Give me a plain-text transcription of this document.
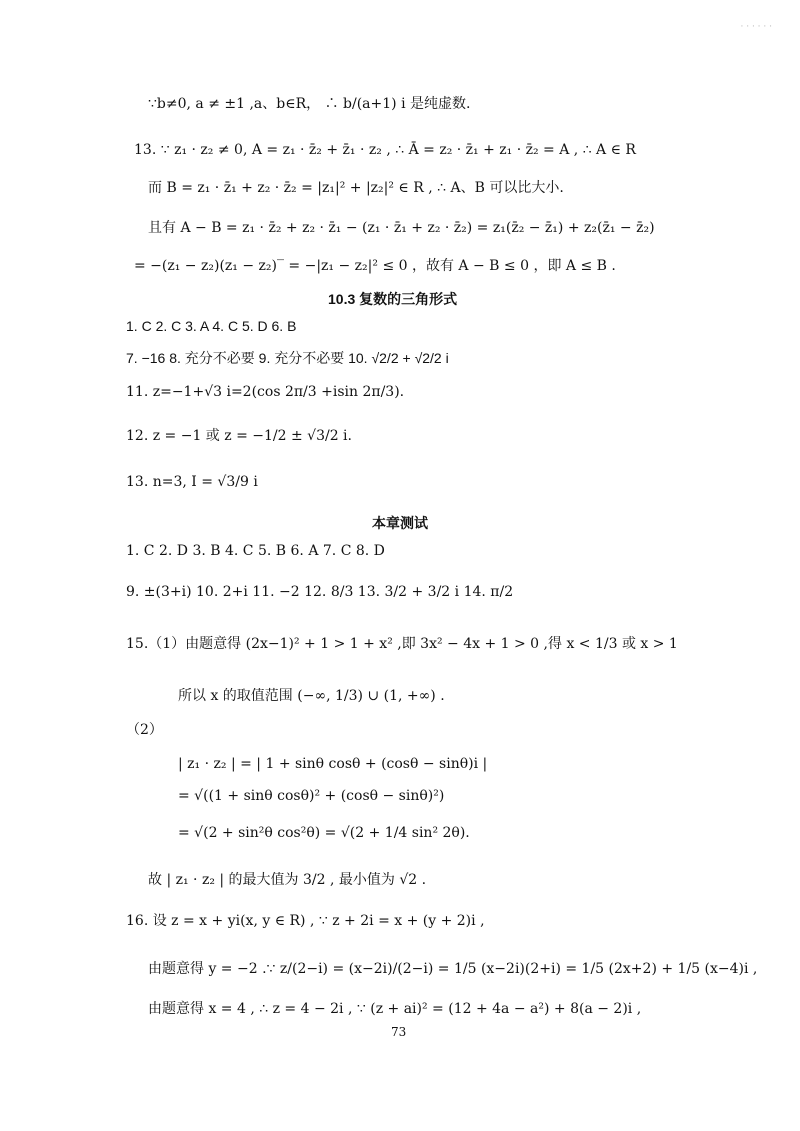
· · · · · ·
∵b≠0, a ≠ ±1 ,a、b∈R， ∴ b/(a+1) i 是纯虚数.
13. ∵ z₁ · z₂ ≠ 0, A = z₁ · z̄₂ + z̄₁ · z₂ , ∴ Ā = z₂ · z̄₁ + z₁ · z̄₂ = A , ∴ A ∈ R
而 B = z₁ · z̄₁ + z₂ · z̄₂ = |z₁|² + |z₂|² ∈ R , ∴ A、B 可以比大小.
且有 A − B = z₁ · z̄₂ + z₂ · z̄₁ − (z₁ · z̄₁ + z₂ · z̄₂) = z₁(z̄₂ − z̄₁) + z₂(z̄₁ − z̄₂)
= −(z₁ − z₂)(z₁ − z₂)‾ = −|z₁ − z₂|² ≤ 0 ，故有 A − B ≤ 0 ，即 A ≤ B .
10.3 复数的三角形式
1. C 2. C 3. A 4. C 5. D 6. B
7. −16 8. 充分不必要 9. 充分不必要 10. √2/2 + √2/2 i
11. z=−1+√3 i=2(cos 2π/3 +isin 2π/3).
12. z = −1 或 z = −1/2 ± √3/2 i.
13. n=3, I = √3/9 i
本章测试
1. C 2. D 3. B 4. C 5. B 6. A 7. C 8. D
9. ±(3+i) 10. 2+i 11. −2 12. 8/3 13. 3/2 + 3/2 i 14. π/2
15.（1）由题意得 (2x−1)² + 1 > 1 + x² ,即 3x² − 4x + 1 > 0 ,得 x < 1/3 或 x > 1
所以 x 的取值范围 (−∞, 1/3) ∪ (1, +∞) .
（2）
| z₁ · z₂ | = | 1 + sinθ cosθ + (cosθ − sinθ)i |
= √((1 + sinθ cosθ)² + (cosθ − sinθ)²)
= √(2 + sin²θ cos²θ) = √(2 + 1/4 sin² 2θ).
故 | z₁ · z₂ | 的最大值为 3/2 , 最小值为 √2 .
16. 设 z = x + yi(x, y ∈ R) , ∵ z + 2i = x + (y + 2)i ,
由题意得 y = −2 .∵ z/(2−i) = (x−2i)/(2−i) = 1/5 (x−2i)(2+i) = 1/5 (2x+2) + 1/5 (x−4)i ,
由题意得 x = 4 , ∴ z = 4 − 2i , ∵ (z + ai)² = (12 + 4a − a²) + 8(a − 2)i ,
73
